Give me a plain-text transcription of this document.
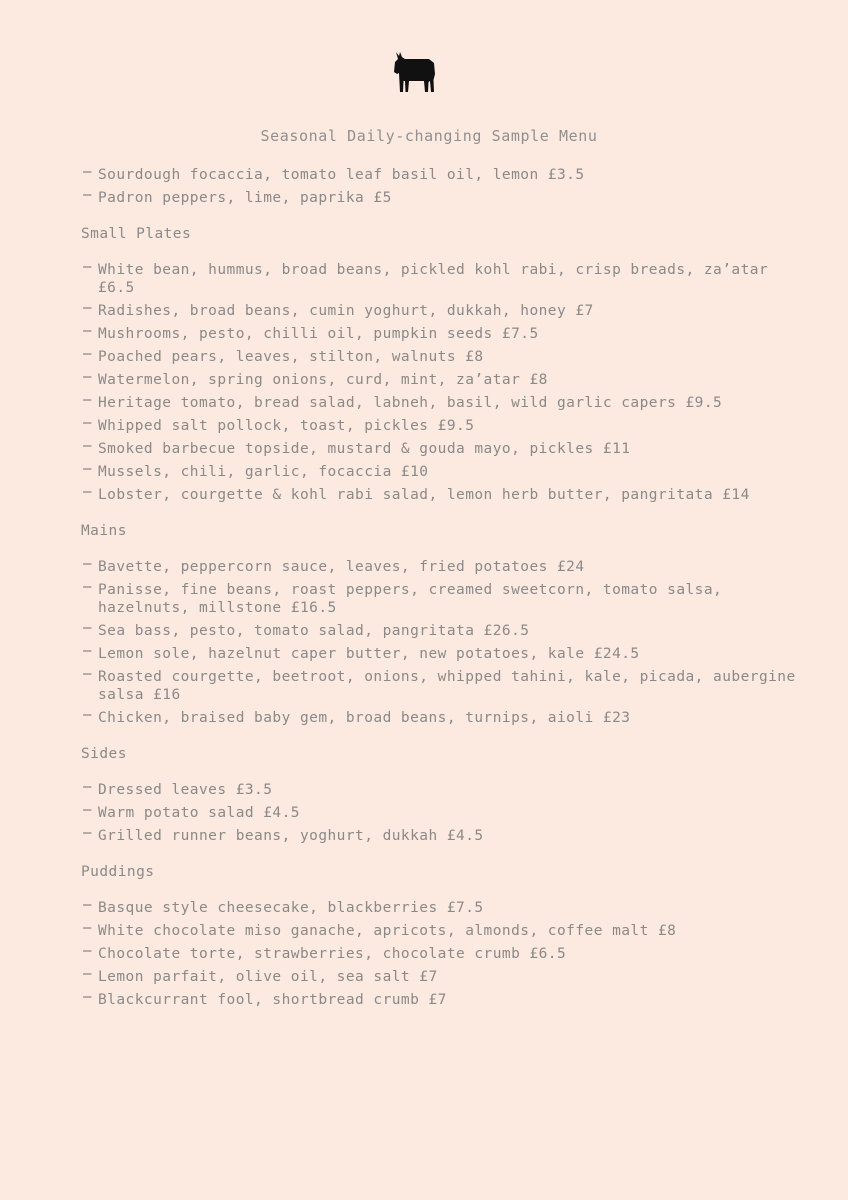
Seasonal Daily-changing Sample Menu
– Sourdough focaccia, tomato leaf basil oil, lemon £3.5
– Padron peppers, lime, paprika £5
Small Plates
– White bean, hummus, broad beans, pickled kohl rabi, crisp breads, za’atar £6.5
– Radishes, broad beans, cumin yoghurt, dukkah, honey £7
– Mushrooms, pesto, chilli oil, pumpkin seeds £7.5
– Poached pears, leaves, stilton, walnuts £8
– Watermelon, spring onions, curd, mint, za’atar £8
– Heritage tomato, bread salad, labneh, basil, wild garlic capers £9.5
– Whipped salt pollock, toast, pickles £9.5
– Smoked barbecue topside, mustard & gouda mayo, pickles £11
– Mussels, chili, garlic, focaccia £10
– Lobster, courgette & kohl rabi salad, lemon herb butter, pangritata £14
Mains
– Bavette, peppercorn sauce, leaves, fried potatoes £24
– Panisse, fine beans, roast peppers, creamed sweetcorn, tomato salsa, hazelnuts, millstone £16.5
– Sea bass, pesto, tomato salad, pangritata £26.5
– Lemon sole, hazelnut caper butter, new potatoes, kale £24.5
– Roasted courgette, beetroot, onions, whipped tahini, kale, picada, aubergine salsa £16
– Chicken, braised baby gem, broad beans, turnips, aioli £23
Sides
– Dressed leaves £3.5
– Warm potato salad £4.5
– Grilled runner beans, yoghurt, dukkah £4.5
Puddings
– Basque style cheesecake, blackberries £7.5
– White chocolate miso ganache, apricots, almonds, coffee malt £8
– Chocolate torte, strawberries, chocolate crumb £6.5
– Lemon parfait, olive oil, sea salt £7
– Blackcurrant fool, shortbread crumb £7
